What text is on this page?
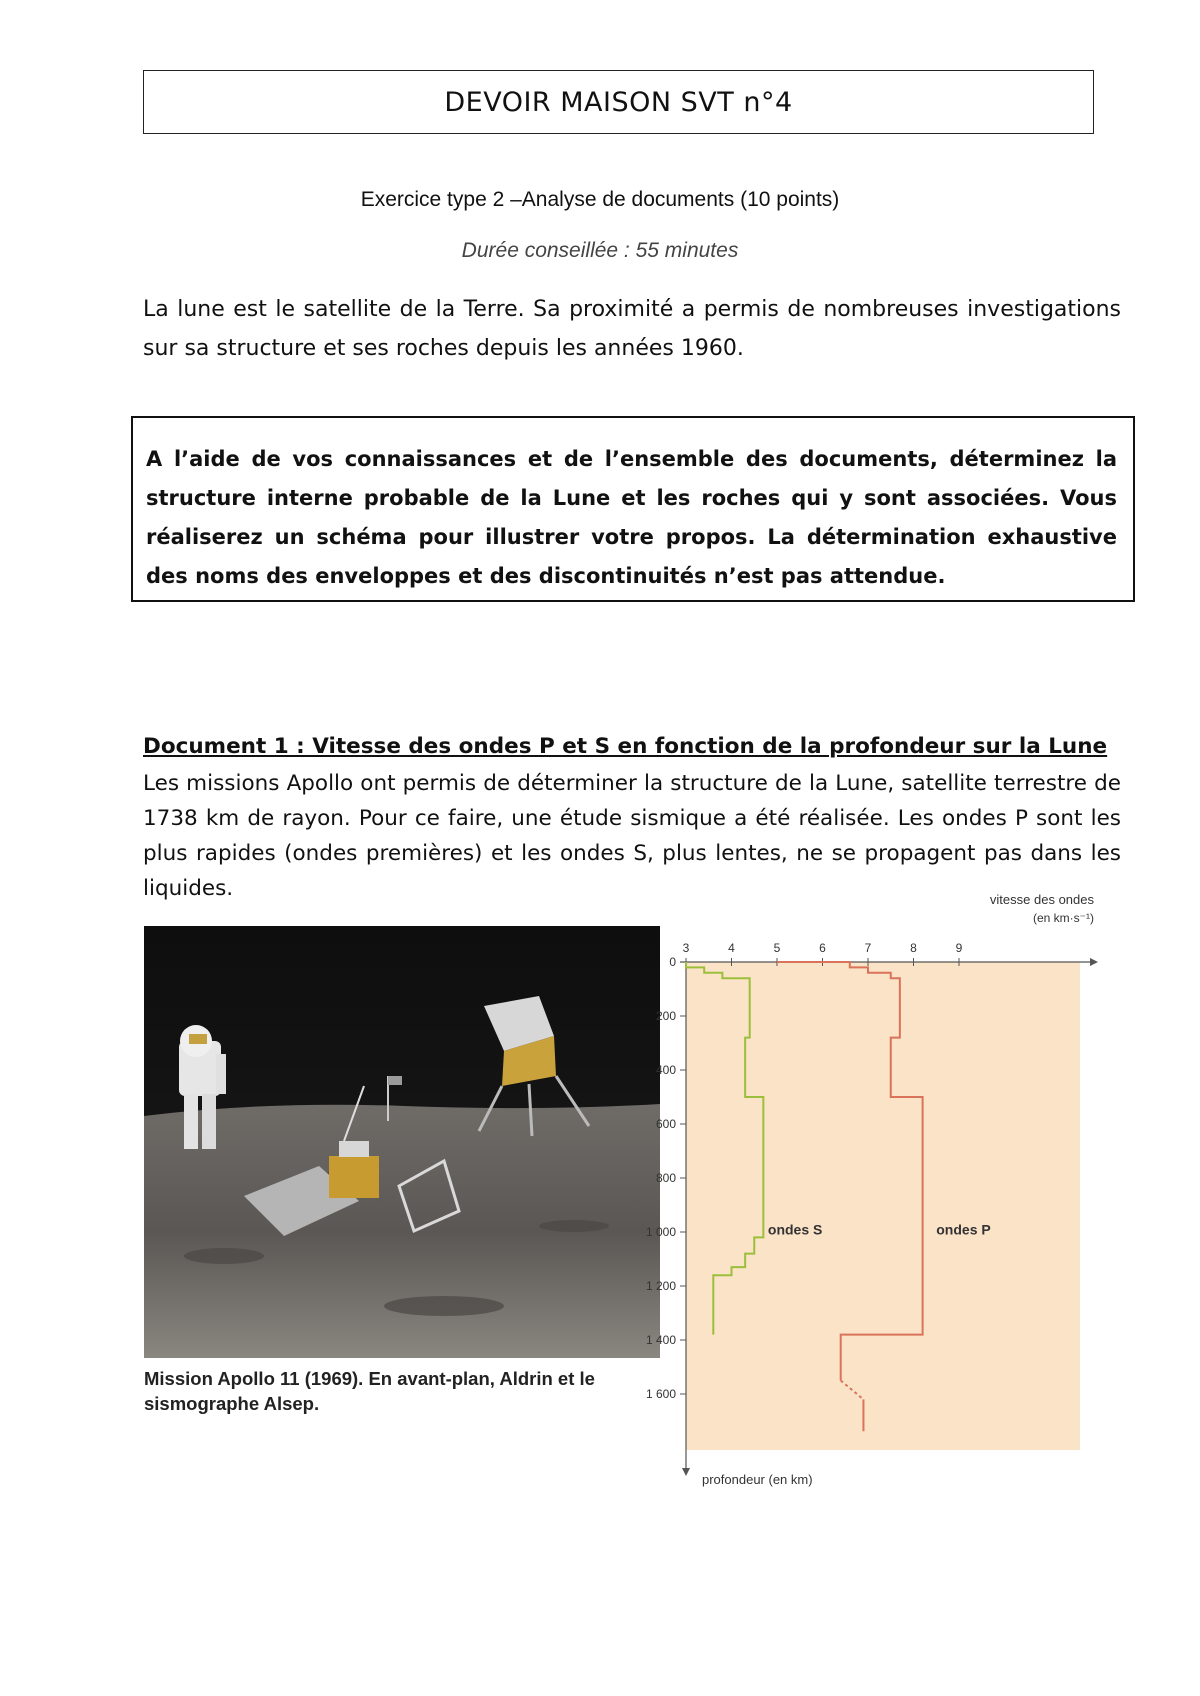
DEVOIR MAISON SVT n°4
Exercice type 2 –Analyse de documents (10 points)
Durée conseillée : 55 minutes
La lune est le satellite de la Terre. Sa proximité a permis de nombreuses investigations sur sa structure et ses roches depuis les années 1960.
A l’aide de vos connaissances et de l’ensemble des documents, déterminez la structure interne probable de la Lune et les roches qui y sont associées. Vous réaliserez un schéma pour illustrer votre propos. La détermination exhaustive des noms des enveloppes et des discontinuités n’est pas attendue.
Document 1 : Vitesse des ondes P et S en fonction de la profondeur sur la Lune
Les missions Apollo ont permis de déterminer la structure de la Lune, satellite terrestre de 1738 km de rayon. Pour ce faire, une étude sismique a été réalisée. Les ondes P sont les plus rapides (ondes premières) et les ondes S, plus lentes, ne se propagent pas dans les liquides.
Mission Apollo 11 (1969). En avant-plan, Aldrin et le sismographe Alsep.
vitesse des ondes
(en km·s⁻¹)
profondeur (en km)
3	4	5	6	7	8	9
0
200
400
600
800
1 000
1 200
1 400
1 600
ondes S	ondes P
